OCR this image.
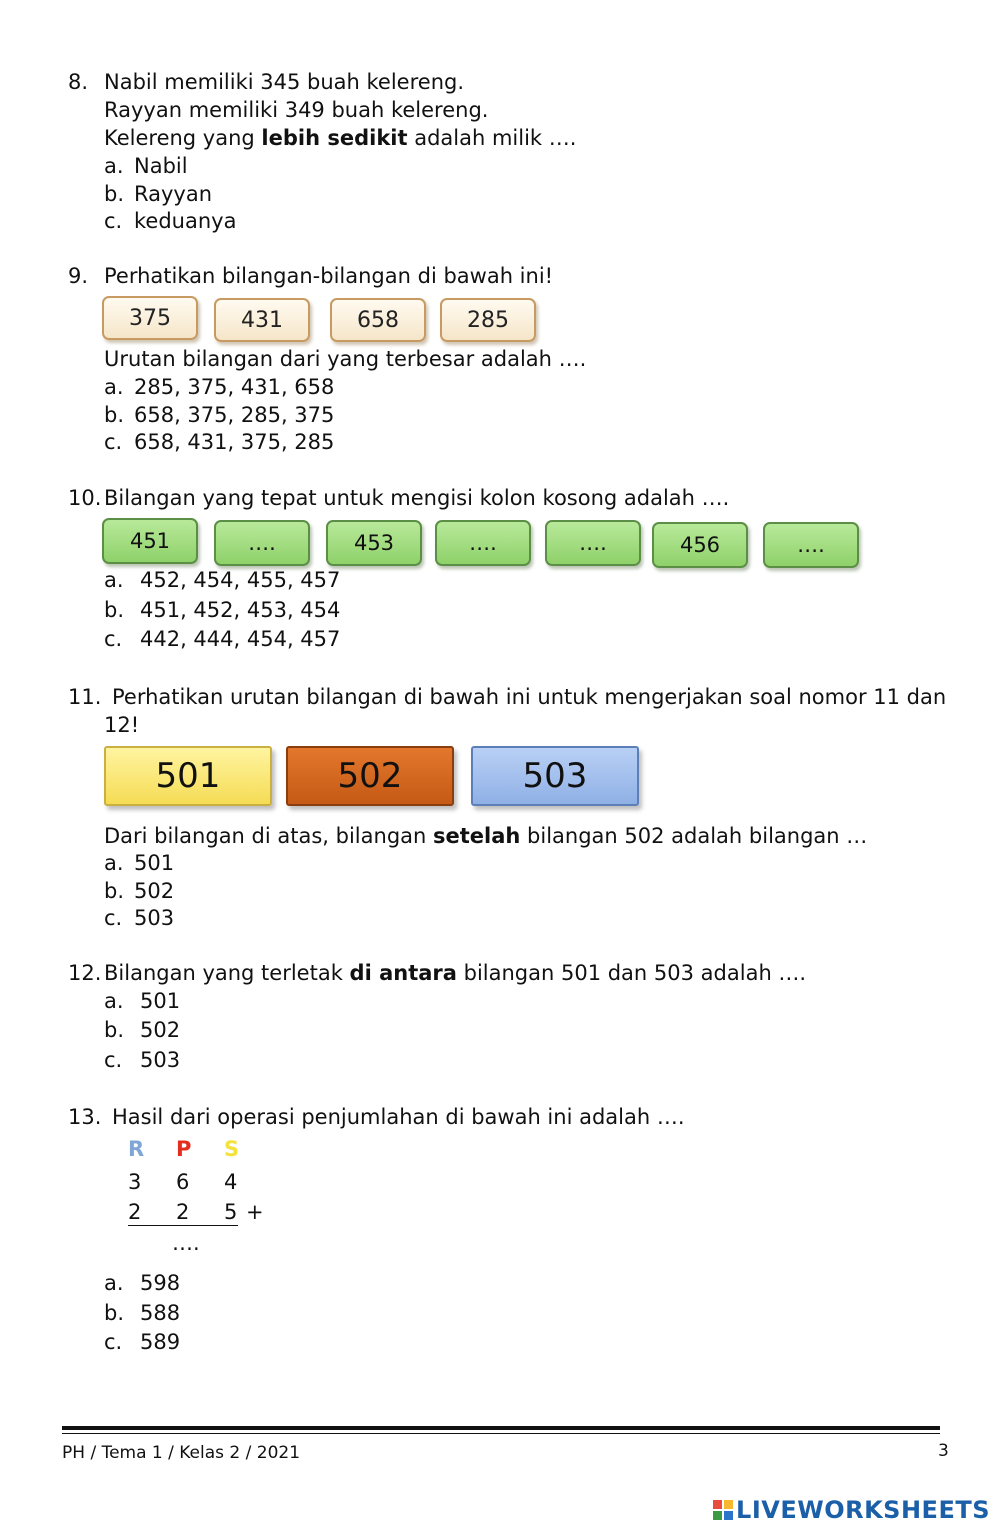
8. Nabil memiliki 345 buah kelereng.
Rayyan memiliki 349 buah kelereng.
Kelereng yang lebih sedikit adalah milik ….
a. Nabil
b. Rayyan
c. keduanya
9. Perhatikan bilangan-bilangan di bawah ini!
375	431	658	285
Urutan bilangan dari yang terbesar adalah ….
a. 285, 375, 431, 658
b. 658, 375, 285, 375
c. 658, 431, 375, 285
10. Bilangan yang tepat untuk mengisi kolon kosong adalah ….
451	….	453	….	….	456	….
a. 452, 454, 455, 457
b. 451, 452, 453, 454
c. 442, 444, 454, 457
11. Perhatikan urutan bilangan di bawah ini untuk mengerjakan soal nomor 11 dan
12!
501	502	503
Dari bilangan di atas, bilangan setelah bilangan 502 adalah bilangan …
a. 501
b. 502
c. 503
12. Bilangan yang terletak di antara bilangan 501 dan 503 adalah ….
a. 501
b. 502
c. 503
13. Hasil dari operasi penjumlahan di bawah ini adalah ….
R P S
3 6 4
2 2 5 +
….
a. 598
b. 588
c. 589
PH / Tema 1 / Kelas 2 / 2021	3
LIVEWORKSHEETS
